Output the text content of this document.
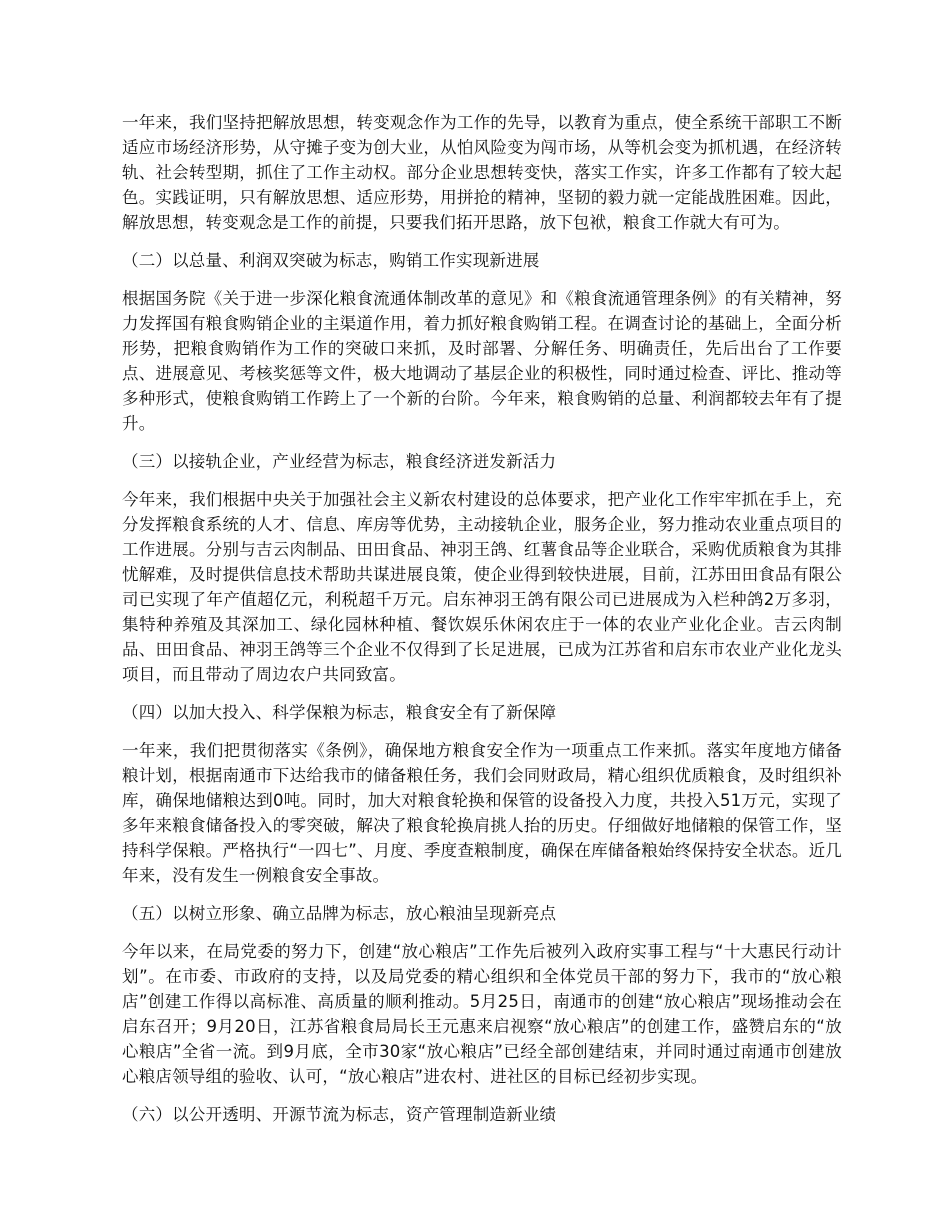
一年来，我们坚持把解放思想，转变观念作为工作的先导，以教育为重点，使全系统干部职工不断适应市场经济形势，从守摊子变为创大业，从怕风险变为闯市场，从等机会变为抓机遇，在经济转轨、社会转型期，抓住了工作主动权。部分企业思想转变快，落实工作实，许多工作都有了较大起色。实践证明，只有解放思想、适应形势，用拼抢的精神，坚韧的毅力就一定能战胜困难。因此，解放思想，转变观念是工作的前提，只要我们拓开思路，放下包袱，粮食工作就大有可为。

（二）以总量、利润双突破为标志，购销工作实现新进展

根据国务院《关于进一步深化粮食流通体制改革的意见》和《粮食流通管理条例》的有关精神，努力发挥国有粮食购销企业的主渠道作用，着力抓好粮食购销工程。在调查讨论的基础上，全面分析形势，把粮食购销作为工作的突破口来抓，及时部署、分解任务、明确责任，先后出台了工作要点、进展意见、考核奖惩等文件，极大地调动了基层企业的积极性，同时通过检查、评比、推动等多种形式，使粮食购销工作跨上了一个新的台阶。今年来，粮食购销的总量、利润都较去年有了提升。

（三）以接轨企业，产业经营为标志，粮食经济迸发新活力

今年来，我们根据中央关于加强社会主义新农村建设的总体要求，把产业化工作牢牢抓在手上，充分发挥粮食系统的人才、信息、库房等优势，主动接轨企业，服务企业，努力推动农业重点项目的工作进展。分别与吉云肉制品、田田食品、神羽王鸽、红薯食品等企业联合，采购优质粮食为其排忧解难，及时提供信息技术帮助共谋进展良策，使企业得到较快进展，目前，江苏田田食品有限公司已实现了年产值超亿元，利税超千万元。启东神羽王鸽有限公司已进展成为入栏种鸽2万多羽，集特种养殖及其深加工、绿化园林种植、餐饮娱乐休闲农庄于一体的农业产业化企业。吉云肉制品、田田食品、神羽王鸽等三个企业不仅得到了长足进展，已成为江苏省和启东市农业产业化龙头项目，而且带动了周边农户共同致富。

（四）以加大投入、科学保粮为标志，粮食安全有了新保障

一年来，我们把贯彻落实《条例》，确保地方粮食安全作为一项重点工作来抓。落实年度地方储备粮计划，根据南通市下达给我市的储备粮任务，我们会同财政局，精心组织优质粮食，及时组织补库，确保地储粮达到0吨。同时，加大对粮食轮换和保管的设备投入力度，共投入51万元，实现了多年来粮食储备投入的零突破，解决了粮食轮换肩挑人抬的历史。仔细做好地储粮的保管工作，坚持科学保粮。严格执行“一四七”、月度、季度查粮制度，确保在库储备粮始终保持安全状态。近几年来，没有发生一例粮食安全事故。

（五）以树立形象、确立品牌为标志，放心粮油呈现新亮点

今年以来，在局党委的努力下，创建“放心粮店”工作先后被列入政府实事工程与“十大惠民行动计划”。在市委、市政府的支持，以及局党委的精心组织和全体党员干部的努力下，我市的“放心粮店”创建工作得以高标准、高质量的顺利推动。5月25日，南通市的创建“放心粮店”现场推动会在启东召开；9月20日，江苏省粮食局局长王元惠来启视察“放心粮店”的创建工作，盛赞启东的“放心粮店”全省一流。到9月底，全市30家“放心粮店”已经全部创建结束，并同时通过南通市创建放心粮店领导组的验收、认可，“放心粮店”进农村、进社区的目标已经初步实现。

（六）以公开透明、开源节流为标志，资产管理制造新业绩
